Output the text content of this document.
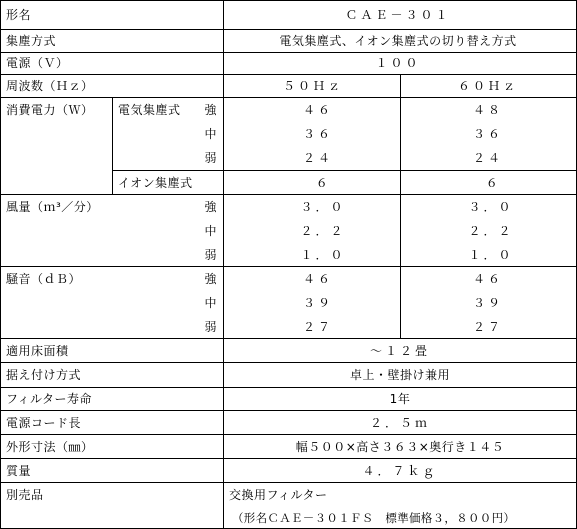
形名	ＣＡＥ－３０１
集塵方式	電気集塵式、イオン集塵式の切り替え方式
電源（Ｖ）	１００
周波数（Ｈｚ）	５０Ｈｚ	６０Ｈｚ
消費電力（Ｗ） 電気集塵式 強	４６	４８
中	３６	３６
弱	２４	２４
イオン集塵式	６	６
風量（ｍ³／分）	強	３．０	３．０
中	２．２	２．２
弱	１．０	１．０
騒音（ｄＢ）	強	４６	４６
中	３９	３９
弱	２７	２７
適用床面積	～１２畳
据え付け方式	卓上・壁掛け兼用
フィルター寿命	1年
電源コード長	２．５ｍ
外形寸法（㎜）	幅５００×高さ３６３×奥行き１４５
質量	４．７ｋｇ
別売品	交換用フィルター
（形名ＣＡＥ－３０１ＦＳ　標準価格３，８００円）
